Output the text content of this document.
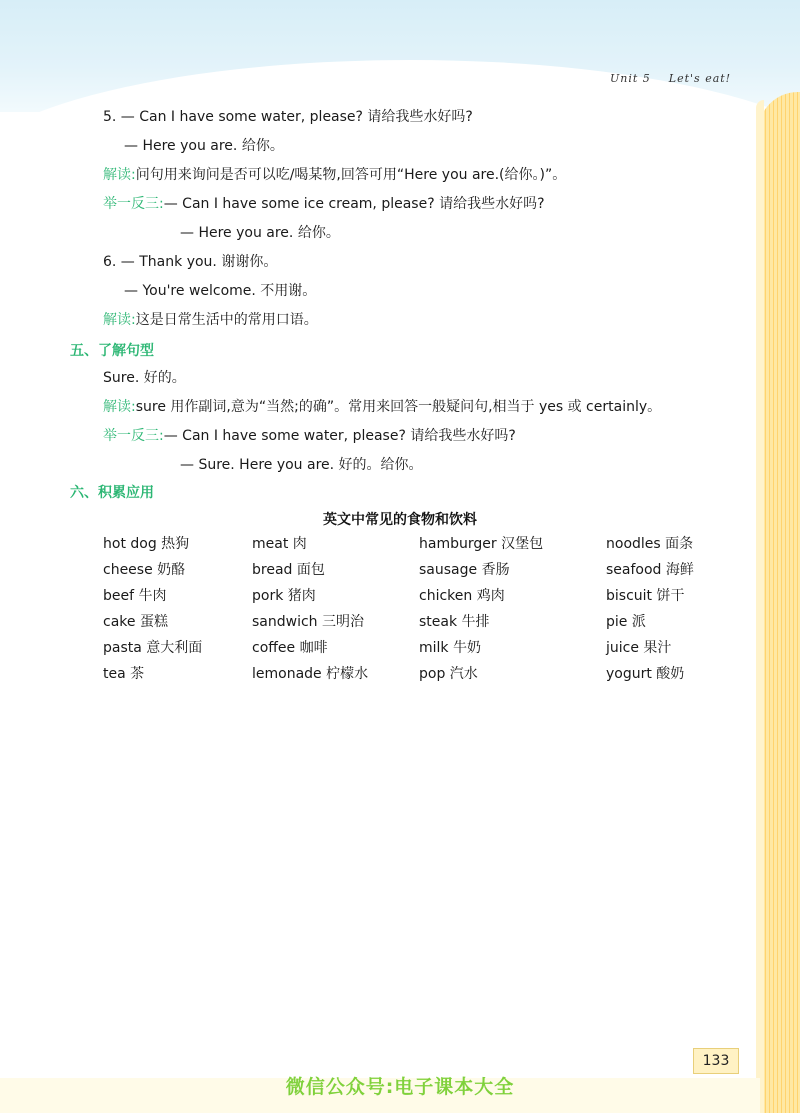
Unit 5 Let's eat!
5. — Can I have some water, please? 请给我些水好吗?
— Here you are. 给你。
解读:问句用来询问是否可以吃/喝某物,回答可用“Here you are.(给你。)”。
举一反三:— Can I have some ice cream, please? 请给我些水好吗?
— Here you are. 给你。
6. — Thank you. 谢谢你。
— You're welcome. 不用谢。
解读:这是日常生活中的常用口语。
五、了解句型
Sure. 好的。
解读:sure 用作副词,意为“当然;的确”。常用来回答一般疑问句,相当于 yes 或 certainly。
举一反三:— Can I have some water, please? 请给我些水好吗?
— Sure. Here you are. 好的。给你。
六、积累应用
英文中常见的食物和饮料
hot dog 热狗	meat 肉	hamburger 汉堡包	noodles 面条
cheese 奶酪	bread 面包	sausage 香肠	seafood 海鲜
beef 牛肉	pork 猪肉	chicken 鸡肉	biscuit 饼干
cake 蛋糕	sandwich 三明治	steak 牛排	pie 派
pasta 意大利面	coffee 咖啡	milk 牛奶	juice 果汁
tea 茶	lemonade 柠檬水	pop 汽水	yogurt 酸奶
133
微信公众号:电子课本大全
